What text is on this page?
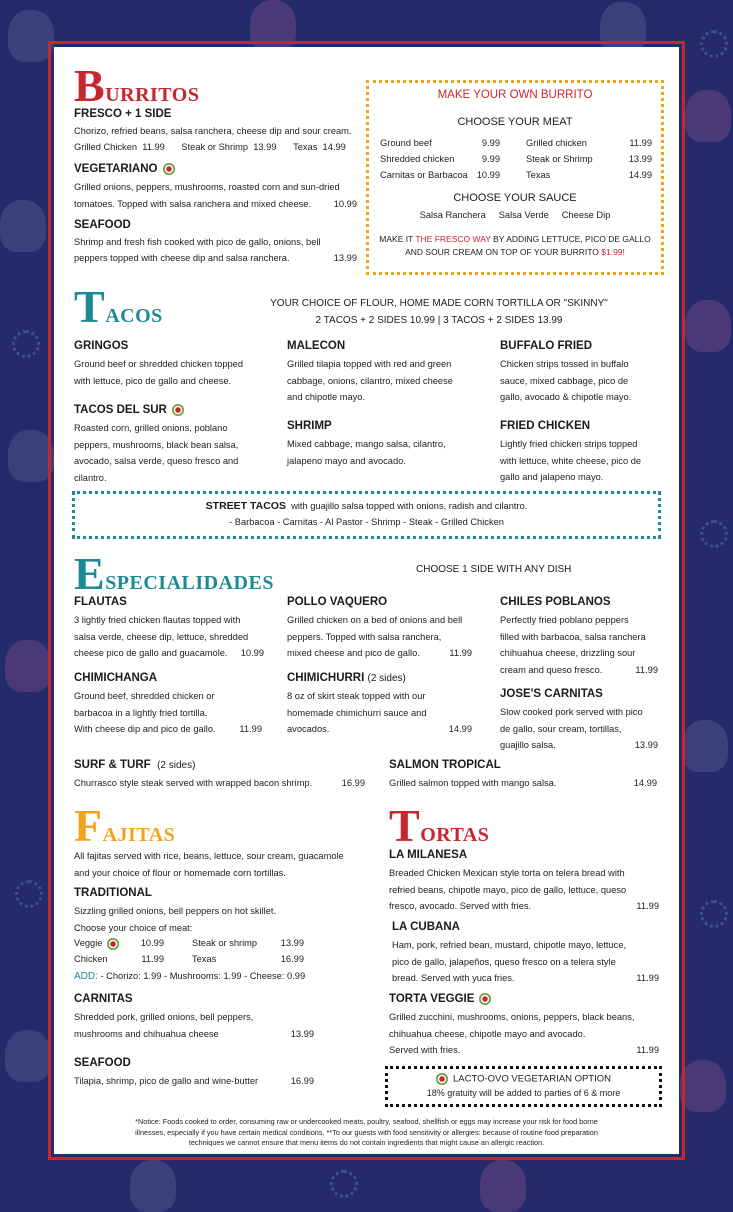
Burritos
FRESCO + 1 SIDE
Chorizo, refried beans, salsa ranchera, cheese dip and sour cream.
Grilled Chicken 11.99 Steak or Shrimp 13.99 Texas 14.99
VEGETARIANO
Grilled onions, peppers, mushrooms, roasted corn and sun-dried
tomatoes. Topped with salsa ranchera and mixed cheese. 10.99
SEAFOOD
Shrimp and fresh fish cooked with pico de gallo, onions, bell
peppers topped with cheese dip and salsa ranchera.	13.99
MAKE YOUR OWN BURRITO
CHOOSE YOUR MEAT
Ground beef	9.99	Grilled chicken	11.99
Shredded chicken	9.99	Steak or Shrimp	13.99
Carnitas or Barbacoa 10.99	Texas	14.99
CHOOSE YOUR SAUCE
Salsa Ranchera Salsa Verde Cheese Dip
MAKE IT THE FRESCO WAY BY ADDING LETTUCE, PICO DE GALLO
AND SOUR CREAM ON TOP OF YOUR BURRITO $1.99!
Tacos	YOUR CHOICE OF FLOUR, HOME MADE CORN TORTILLA OR "SKINNY"
2 TACOS + 2 SIDES 10.99 | 3 TACOS + 2 SIDES 13.99
GRINGOS
Ground beef or shredded chicken topped
with lettuce, pico de gallo and cheese.
TACOS DEL SUR
Roasted corn, grilled onions, poblano
peppers, mushrooms, black bean salsa,
avocado, salsa verde, queso fresco and
cilantro.
MALECON
Grilled tilapia topped with red and green
cabbage, onions, cilantro, mixed cheese
and chipotle mayo.
SHRIMP
Mixed cabbage, mango salsa, cilantro,
jalapeno mayo and avocado.
BUFFALO FRIED
Chicken strips tossed in buffalo
sauce, mixed cabbage, pico de
gallo, avocado & chipotle mayo.
FRIED CHICKEN
Lightly fried chicken strips topped
with lettuce, white cheese, pico de
gallo and jalapeno mayo.
STREET TACOS with guajillo salsa topped with onions, radish and cilantro.
- Barbacoa - Carnitas - Al Pastor - Shrimp - Steak - Grilled Chicken
Especialidades	CHOOSE 1 SIDE WITH ANY DISH
FLAUTAS
3 lightly fried chicken flautas topped with
salsa verde, cheese dip, lettuce, shredded
cheese pico de gallo and guacamole. 10.99
CHIMICHANGA
Ground beef, shredded chicken or
barbacoa in a lightly fried tortilla.
With cheese dip and pico de gallo.	11.99
POLLO VAQUERO
Grilled chicken on a bed of onions and bell
peppers. Topped with salsa ranchera,
mixed cheese and pico de gallo.	11.99
CHIMICHURRI (2 sides)
8 oz of skirt steak topped with our
homemade chimichurri sauce and
avocados.	14.99
CHILES POBLANOS
Perfectly fried poblano peppers
filled with barbacoa, salsa ranchera
chihuahua cheese, drizzling sour
cream and queso fresco.	11.99
JOSE'S CARNITAS
Slow cooked pork served with pico
de gallo, sour cream, tortillas,
guajillo salsa.	13.99
SURF & TURF (2 sides)
Churrasco style steak served with wrapped bacon shrimp.	16.99
SALMON TROPICAL
Grilled salmon topped with mango salsa.	14.99
Fajitas
All fajitas served with rice, beans, lettuce, sour cream, guacamole
and your choice of flour or homemade corn tortillas.
TRADITIONAL
Sizzling grilled onions, bell peppers on hot skillet.
Choose your choice of meat:
Veggie	10.99	Steak or shrimp	13.99
Chicken	11.99	Texas	16.99
ADD: - Chorizo: 1.99 - Mushrooms: 1.99 - Cheese: 0.99
CARNITAS
Shredded pork, grilled onions, bell peppers,
mushrooms and chihuahua cheese	13.99
SEAFOOD
Tilapia, shrimp, pico de gallo and wine-butter	16.99
Tortas
LA MILANESA
Breaded Chicken Mexican style torta on telera bread with
refried beans, chipotle mayo, pico de gallo, lettuce, queso
fresco, avocado. Served with fries.	11.99
LA CUBANA
Ham, pork, refried bean, mustard, chipotle mayo, lettuce,
pico de gallo, jalapeños, queso fresco on a telera style
bread. Served with yuca fries.	11.99
TORTA VEGGIE
Grilled zucchini, mushrooms, onions, peppers, black beans,
chihuahua cheese, chipotle mayo and avocado.
Served with fries.	11.99
LACTO-OVO VEGETARIAN OPTION
18% gratuity will be added to parties of 6 & more
*Notice: Foods cooked to order, consuming raw or undercooked meats, poultry, seafood, shellfish or eggs may increase your risk for food borne
illnesses, especially if you have certain medical conditions. **To our guests with food sensitivity or allergies: because of routine food preparation
techniques we cannot ensure that menu items do not contain ingredients that might cause an allergic reaction.
